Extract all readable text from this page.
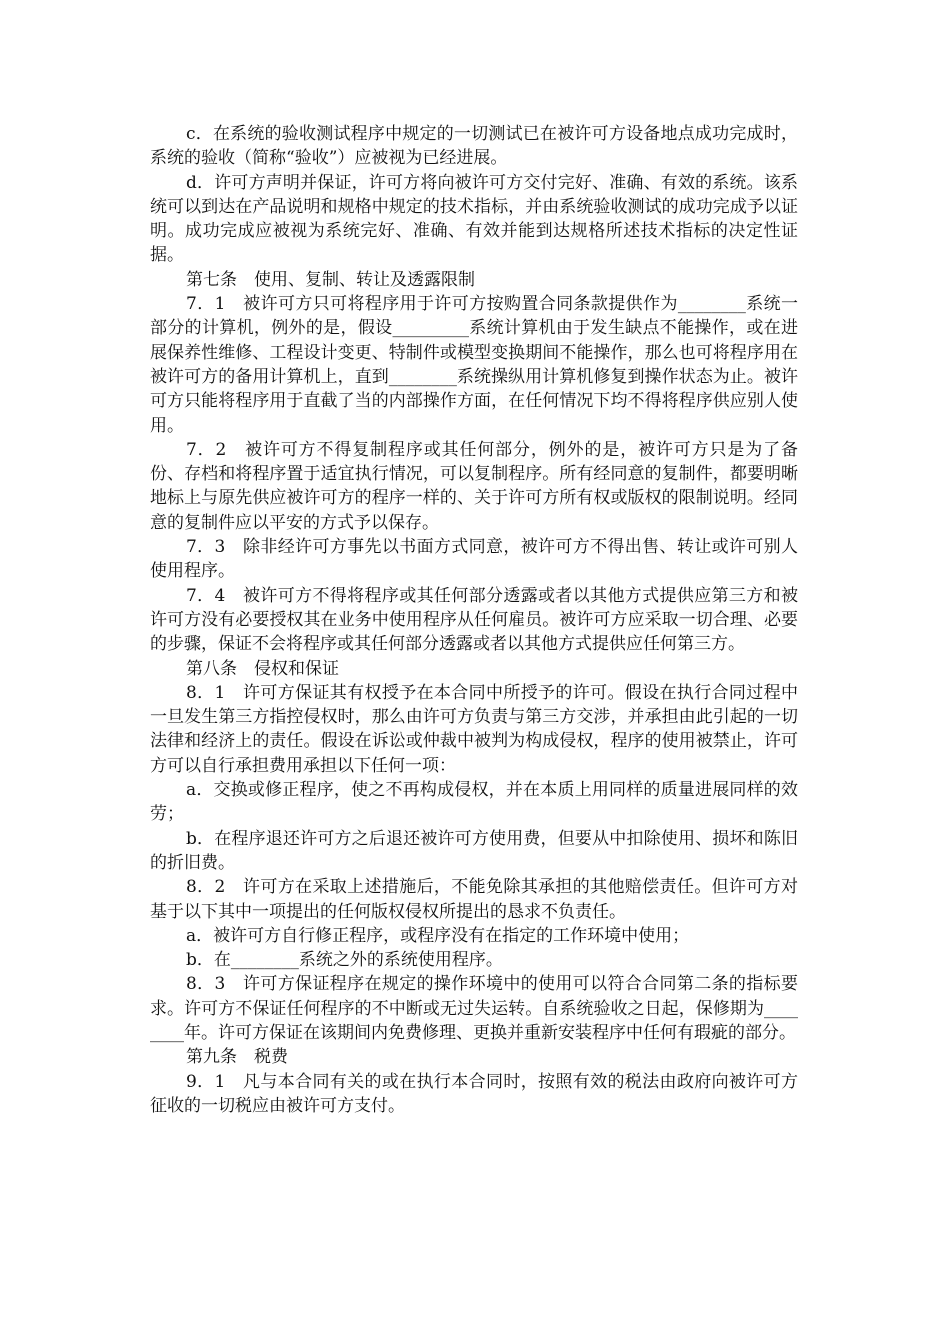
c．在系统的验收测试程序中规定的一切测试已在被许可方设备地点成功完成时，系统的验收（简称“验收”）应被视为已经进展。

d．许可方声明并保证，许可方将向被许可方交付完好、准确、有效的系统。该系统可以到达在产品说明和规格中规定的技术指标，并由系统验收测试的成功完成予以证明。成功完成应被视为系统完好、准确、有效并能到达规格所述技术指标的决定性证据。

第七条　使用、复制、转让及透露限制

7．1　被许可方只可将程序用于许可方按购置合同条款提供作为________系统一部分的计算机，例外的是，假设_________系统计算机由于发生缺点不能操作，或在进展保养性维修、工程设计变更、特制件或模型变换期间不能操作，那么也可将程序用在被许可方的备用计算机上，直到________系统操纵用计算机修复到操作状态为止。被许可方只能将程序用于直截了当的内部操作方面，在任何情况下均不得将程序供应别人使用。

7．2　被许可方不得复制程序或其任何部分，例外的是，被许可方只是为了备份、存档和将程序置于适宜执行情况，可以复制程序。所有经同意的复制件，都要明晰地标上与原先供应被许可方的程序一样的、关于许可方所有权或版权的限制说明。经同意的复制件应以平安的方式予以保存。

7．3　除非经许可方事先以书面方式同意，被许可方不得出售、转让或许可别人使用程序。

7．4　被许可方不得将程序或其任何部分透露或者以其他方式提供应第三方和被许可方没有必要授权其在业务中使用程序从任何雇员。被许可方应采取一切合理、必要的步骤，保证不会将程序或其任何部分透露或者以其他方式提供应任何第三方。

第八条　侵权和保证

8．1　许可方保证其有权授予在本合同中所授予的许可。假设在执行合同过程中一旦发生第三方指控侵权时，那么由许可方负责与第三方交涉，并承担由此引起的一切法律和经济上的责任。假设在诉讼或仲裁中被判为构成侵权，程序的使用被禁止，许可方可以自行承担费用承担以下任何一项：

a．交换或修正程序，使之不再构成侵权，并在本质上用同样的质量进展同样的效劳；

b．在程序退还许可方之后退还被许可方使用费，但要从中扣除使用、损坏和陈旧的折旧费。

8．2　许可方在采取上述措施后，不能免除其承担的其他赔偿责任。但许可方对基于以下其中一项提出的任何版权侵权所提出的恳求不负责任。

a．被许可方自行修正程序，或程序没有在指定的工作环境中使用；

b．在________系统之外的系统使用程序。

8．3　许可方保证程序在规定的操作环境中的使用可以符合合同第二条的指标要求。许可方不保证任何程序的不中断或无过失运转。自系统验收之日起，保修期为________年。许可方保证在该期间内免费修理、更换并重新安装程序中任何有瑕疵的部分。

第九条　税费

9．1　凡与本合同有关的或在执行本合同时，按照有效的税法由政府向被许可方征收的一切税应由被许可方支付。
